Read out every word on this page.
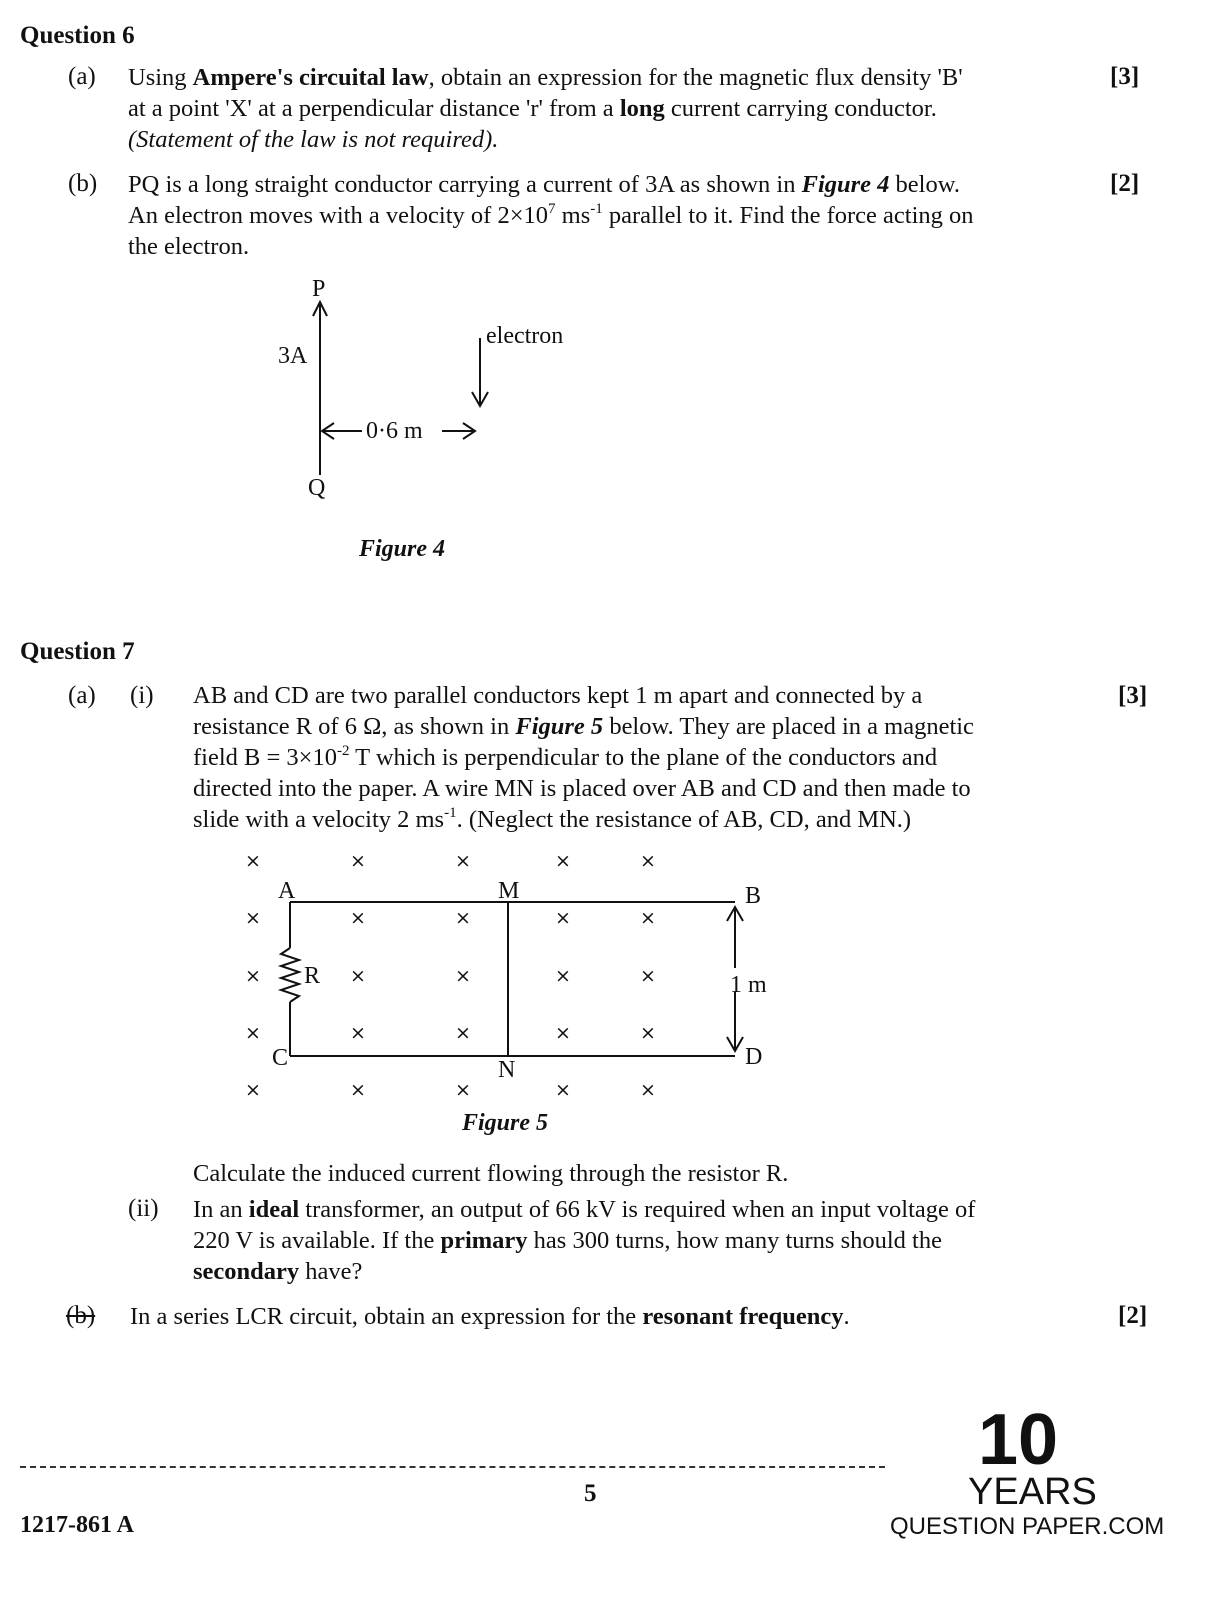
Question 6
(a)	[3]
Using Ampere's circuital law, obtain an expression for the magnetic flux density 'B'
at a point 'X' at a perpendicular distance 'r' from a long current carrying conductor.
(Statement of the law is not required).
(b)	[2]
PQ is a long straight conductor carrying a current of 3A as shown in Figure 4 below.
An electron moves with a velocity of $2\times 10^7$ $ms^{-1}$ parallel to it. Find the force acting on
the electron.
P
3A
electron
0·6 m
Q
Figure 4
Question 7
(a) (i)	[3]
AB and CD are two parallel conductors kept 1 m apart and connected by a
resistance R of 6 Ω, as shown in Figure 5 below. They are placed in a magnetic
field $B = 3\times 10^{-2}$ T which is perpendicular to the plane of the conductors and
directed into the paper. A wire MN is placed over AB and CD and then made to
slide with a velocity 2 $ms^{-1}$. (Neglect the resistance of AB, CD, and MN.)
×	×	×	×	×
×	×	×	×	×
×	×	×	×	×
×	×	×	×	×
×	×	×	×	×
A	M	B
R	1 m
C	D
N
Figure 5
Calculate the induced current flowing through the resistor R.
(ii) In an ideal transformer, an output of 66 kV is required when an input voltage of
220 V is available. If the primary has 300 turns, how many turns should the
secondary have?
(b) In a series LCR circuit, obtain an expression for the resonant frequency.	[2]
5
1217-861 A
10
YEARS
QUESTION PAPER.COM
